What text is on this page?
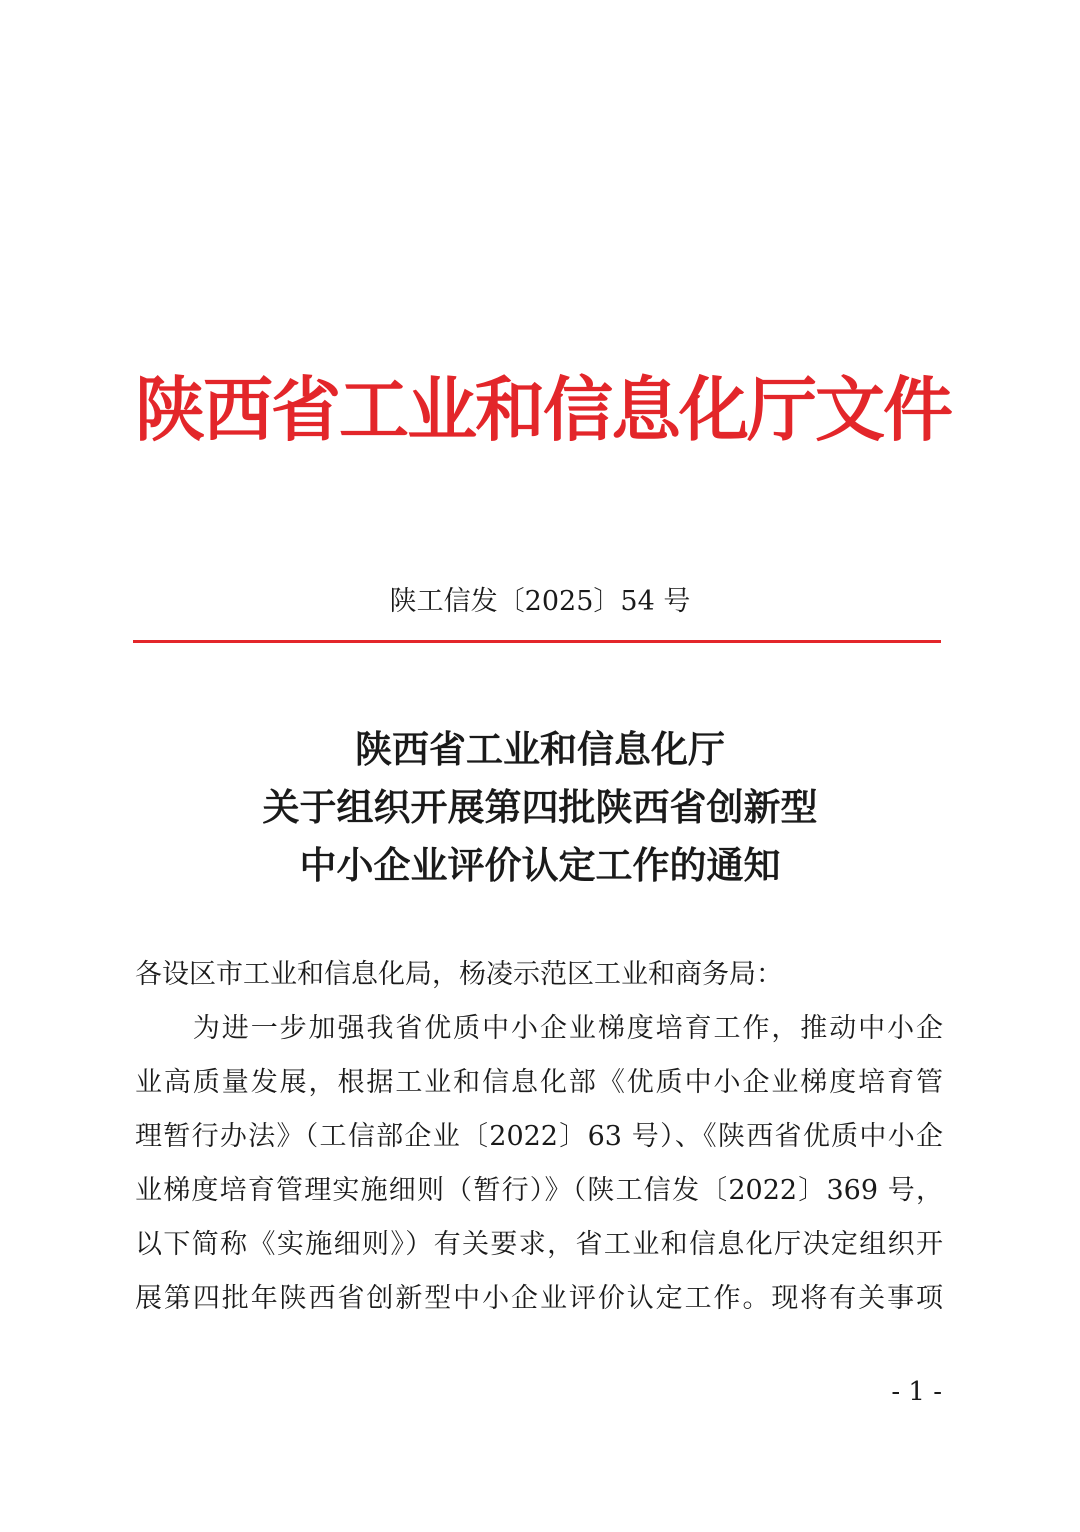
陕西省工业和信息化厅文件
陕工信发〔2025〕54 号
陕西省工业和信息化厅
关于组织开展第四批陕西省创新型
中小企业评价认定工作的通知
各设区市工业和信息化局，杨凌示范区工业和商务局：
　　为进一步加强我省优质中小企业梯度培育工作，推动中小企
业高质量发展，根据工业和信息化部《优质中小企业梯度培育管
理暂行办法》（工信部企业〔2022〕63 号）、《陕西省优质中小企
业梯度培育管理实施细则（暂行）》（陕工信发〔2022〕369 号，
以下简称《实施细则》）有关要求，省工业和信息化厅决定组织开
展第四批年陕西省创新型中小企业评价认定工作。现将有关事项
- 1 -
